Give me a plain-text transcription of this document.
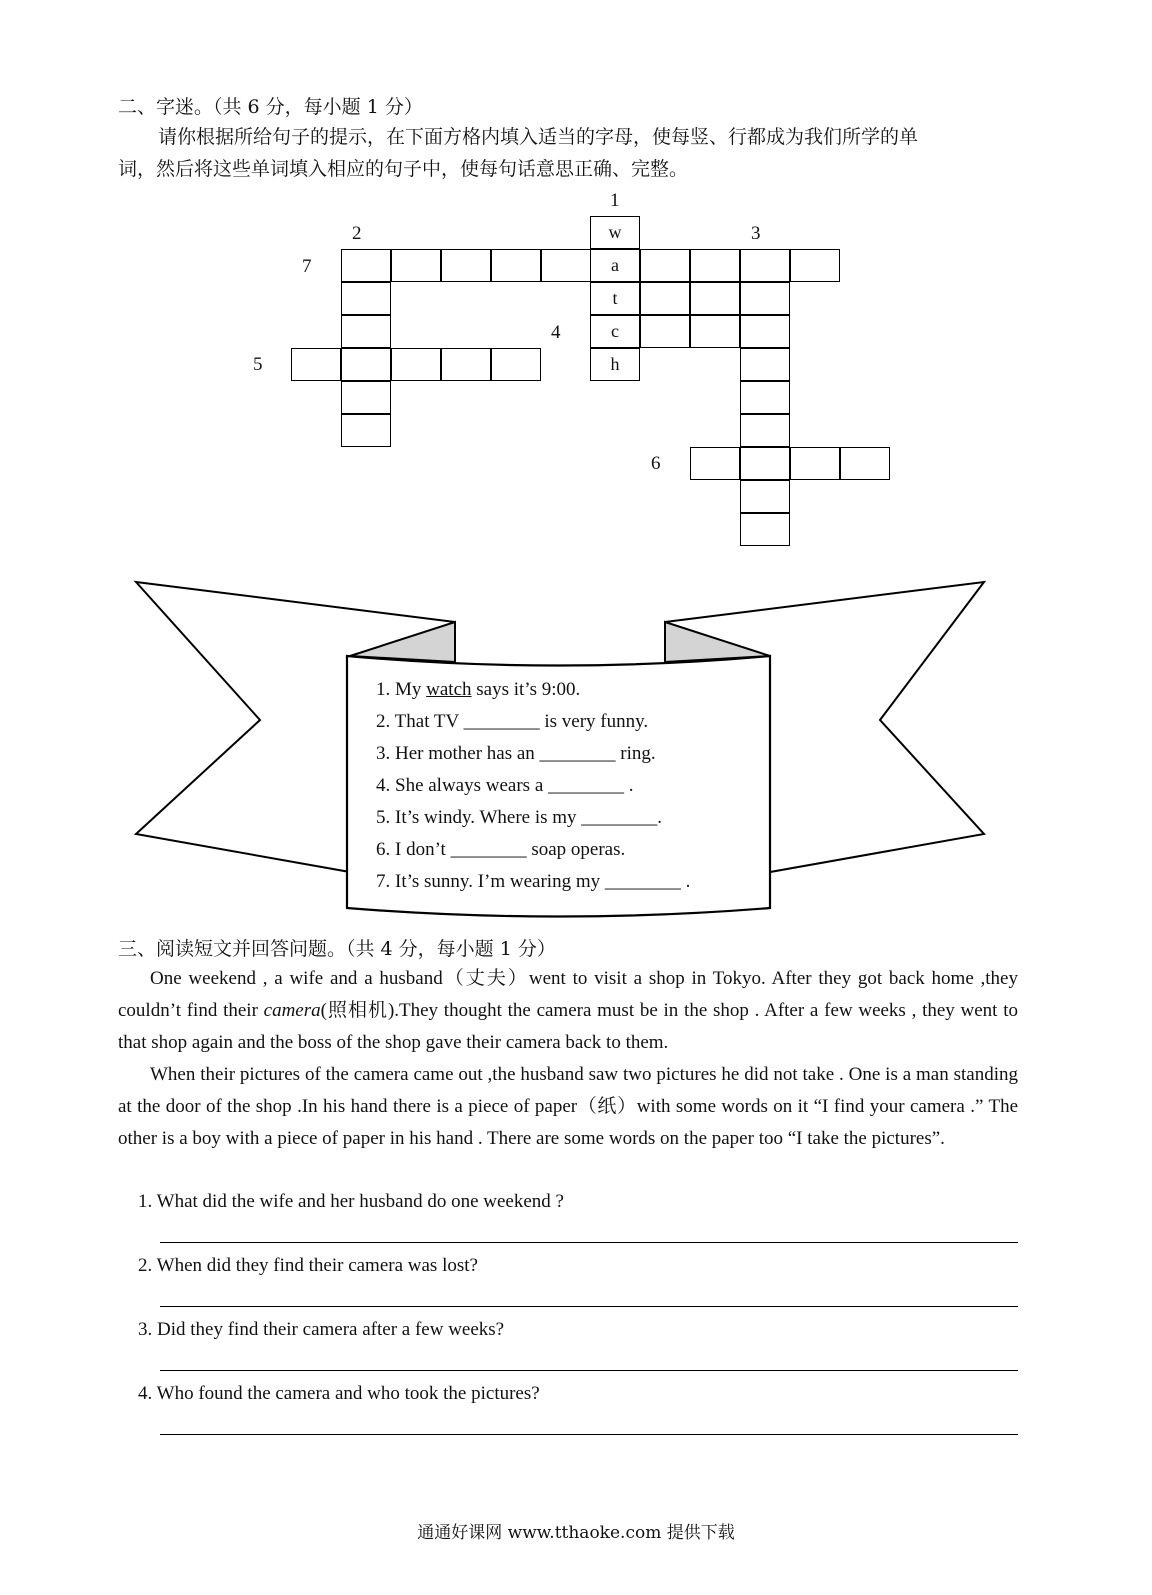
二、字迷。（共 6 分，每小题 1 分）
请你根据所给句子的提示，在下面方格内填入适当的字母，使每竖、行都成为我们所学的单
词，然后将这些单词填入相应的句子中，使每句话意思正确、完整。
1
2	3
4
5
6
7
w
a
t
c
h
1. My watch says it’s 9:00.
2. That TV ________ is very funny.
3. Her mother has an ________ ring.
4. She always wears a ________ .
5. It’s windy. Where is my ________.
6. I don’t ________ soap operas.
7. It’s sunny. I’m wearing my ________ .
三、阅读短文并回答问题。（共 4 分，每小题 1 分）
One weekend , a wife and a husband（丈夫）went to visit a shop in Tokyo. After they got back home ,they couldn’t find their camera(照相机).They thought the camera must be in the shop . After a few weeks , they went to that shop again and the boss of the shop gave their camera back to them.
When their pictures of the camera came out ,the husband saw two pictures he did not take . One is a man standing at the door of the shop .In his hand there is a piece of paper（纸）with some words on it “I find your camera .” The other is a boy with a piece of paper in his hand . There are some words on the paper too “I take the pictures”.
1. What did the wife and her husband do one weekend ?
2. When did they find their camera was lost?
3. Did they find their camera after a few weeks?
4. Who found the camera and who took the pictures?
通通好课网 www.tthaoke.com 提供下载
